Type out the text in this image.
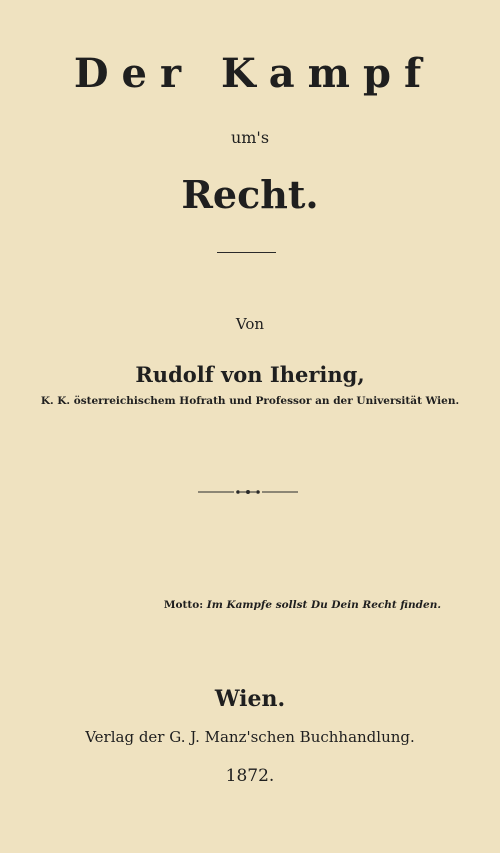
Der Kampf
um's
Recht.
Von
Rudolf von Ihering,
K. K. österreichischem Hofrath und Professor an der Universität Wien.
Motto: Im Kampfe sollst Du Dein Recht finden.
Wien.
Verlag der G. J. Manz'schen Buchhandlung.
1872.
